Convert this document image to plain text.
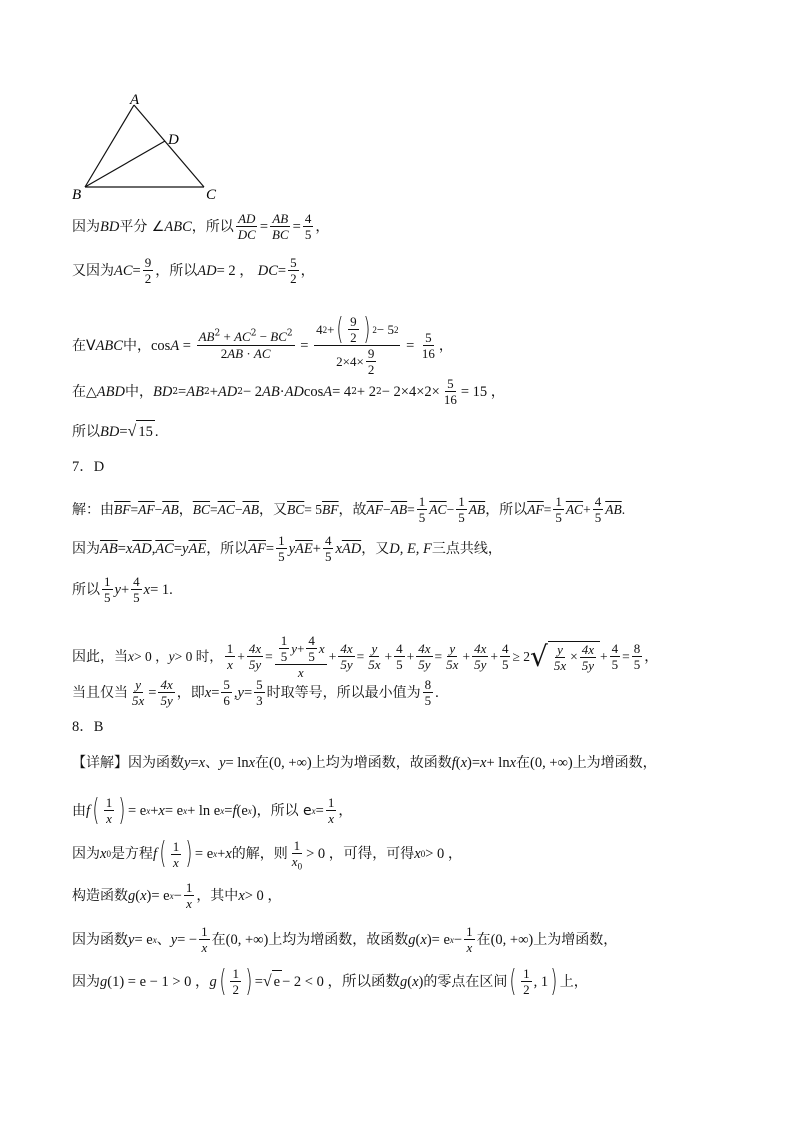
A
D
B	C
因为 BD 平分 ∠ ABC ，所以 $\frac{AD}{DC} = \frac{AB}{BC} = \frac{4}{5}$ ，
又因为 AC = $\frac{9}{2}$ ，所以 AD = 2 ， DC = $\frac{5}{2}$ ，
在V ABC 中， $\cos A = \frac{AB^2 + AC^2 - BC^2}{2AB \cdot AC} = \frac{4 2 + ( \frac{9}{2} ) 2 - 5 2}{2\times 4\times \frac{9}{2}} = \frac{5}{16}$ ，
在△ ABD 中， BD 2 = AB 2 + AD 2 − 2 AB · AD cos A = 4 2 + 2 $2 - 2\times 4\times 2\times \frac{5}{16} = 15$ ，
所以 BD = √ 15 .
7．D
解：由 $\overline{BF} = \overline{AF} - \overline{AB}$ ， $\overline{BC} = \overline{AC} - \overline{AB}$ ，又 $\overline{BC} = 5$ $\overline{BF}$ ，故 $\overline{AF} - \overline{AB} = \frac{1}{5} \overline{AC} - \frac{1}{5} \overline{AB}$ ，所以 $\overline{AF} = \frac{1}{5} \overline{AC} + \frac{4}{5} \overline{AB}$ .
因为 $\overline{AB} = x$ $\overline{AD}$ , $\overline{AC} = y$ $\overline{AE}$ ，所以 $\overline{AF} = \frac{1}{5}$ y $\overline{AE} + \frac{4}{5}$ x $\overline{AD}$ ，又 D, E, F 三点共线，
所以 $\frac{1}{5}$ $y + \frac{4}{5}$ x = 1.
因此，当 x > 0 ， y > 0 时， $\frac{1}{x} + \frac{4x}{5y} = \frac{\frac{1}{5} y + \frac{4}{5} x}{x} + \frac{4x}{5y} = \frac{y}{5x} + \frac{4}{5} + \frac{4x}{5y} = \frac{y}{5x} + \frac{4x}{5y} + \frac{4}{5} \ge 2$ √ $\frac{y}{5x} \times \frac{4x}{5y} + \frac{4}{5} = \frac{8}{5}$ ，
当且仅当 $\frac{y}{5x} = \frac{4x}{5y}$ ，即 $x = \frac{5}{6}$ , $y = \frac{5}{3}$ 时取等号，所以最小值为 $\frac{8}{5}$ .
8．B
【详解】因为函数 y = x 、 y = ln x 在 (0, +∞) 上均为增函数，故函数 f ( x ) = x + ln x 在 (0, +∞) 上为增函数，
由 f ( $\frac{1}{x}$ ) = e x + x = e x + ln e x = f ( e x ) ，所以 e $x = \frac{1}{x}$ ，
因为 x 0 是方程 f ( $\frac{1}{x}$ ) = e x + x 的解，则 $\frac{1}{x_0} > 0$ ，可得 ，可得 x 0 > 0 ，
构造函数 g ( x ) = e $x - \frac{1}{x}$ ，其中 x > 0 ，
因为函数 y = e x 、 y = − $\frac{1}{x}$ 在 (0, +∞) 上均为增函数，故函数 g ( x ) = e $x - \frac{1}{x}$ 在 (0, +∞) 上为增函数，
因为 g (1) = e − 1 > 0 ， g ( $\frac{1}{2}$ ) = √ e − 2 < 0 ，所以函数 g ( x ) 的零点在区间 ( $\frac{1}{2}$ , 1 ) 上，
